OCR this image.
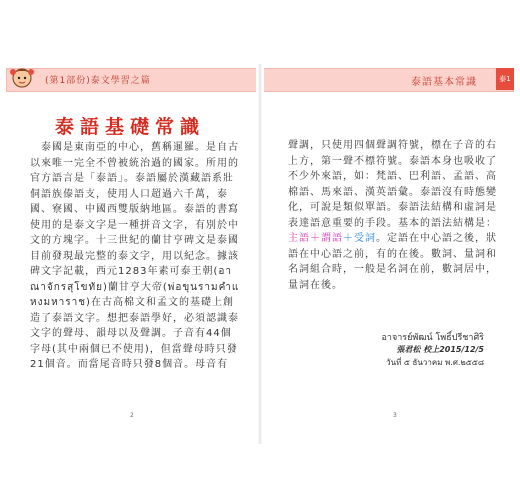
(第1部份)泰文學習之篇
泰語基礎常識
　泰國是東南亞的中心，舊稱暹羅。是自古以來唯一完全不曾被統治過的國家。所用的官方語言是「泰語」。泰語屬於漢藏語系壯侗語族傣語支，使用人口超過六千萬，泰國、寮國、中國西雙版納地區。泰語的書寫使用的是泰文字是一種拼音文字，有別於中文的方塊字。十三世紀的蘭甘亨碑文是泰國目前發現最完整的泰文字，用以紀念。據該碑文字記載，西元1283年素可泰王朝(อาณาจักรสุโขทัย)蘭甘亨大帝(พ่อขุนรามคำแหงมหาราช)在古高棉文和孟文的基礎上創造了泰語文字。想把泰語學好，必須認識泰文字的聲母、韻母以及聲調。子音有44個字母(其中兩個已不使用)，但當聲母時只發21個音。而當尾音時只發8個音。母音有
2
泰語基本常識	泰1
聲調，只使用四個聲調符號，標在子音的右上方，第一聲不標符號。泰語本身也吸收了不少外來語，如：梵語、巴利語、孟語、高棉語、馬來語、漢英語彙。泰語沒有時態變化，可說是類似單語。泰語法結構和虛詞是表達語意重要的手段。基本的語法結構是：主語＋謂語＋受詞。定語在中心語之後，狀語在中心語之前，有的在後。數詞、量詞和名詞組合時，一般是名詞在前，數詞居中，量詞在後。
อาจารย์พัฒน์ โพธิ์ปรีชาศิริ
張君松 校上2015/12/5
วันที่ ๕ ธันวาคม พ.ศ.๒๕๕๘
3
